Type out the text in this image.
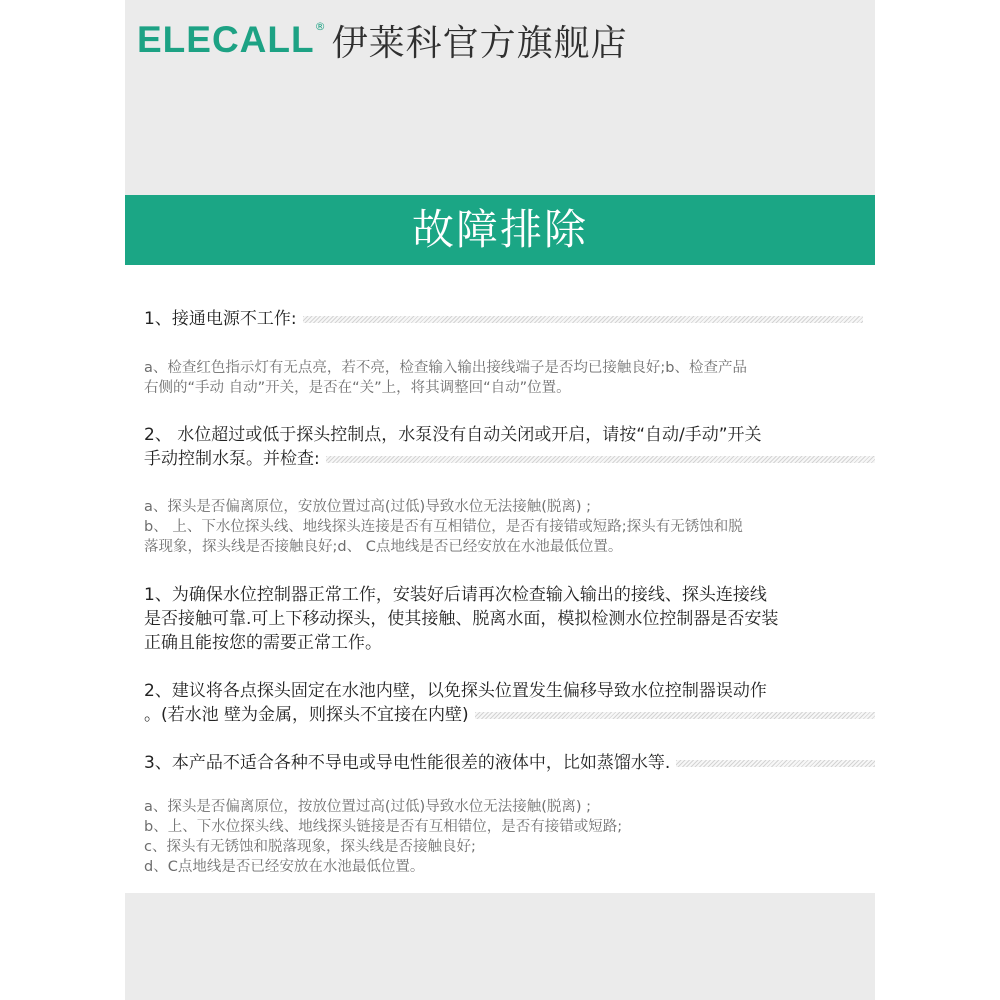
ELECALL ® 伊莱科官方旗舰店
故障排除
1、接通电源不工作:
a、检查红色指示灯有无点亮，若不亮，检查输入输出接线端子是否均已接触良好;b、检查产品
右侧的“手动 自动”开关，是否在“关”上，将其调整回“自动”位置。
2、 水位超过或低于探头控制点，水泵没有自动关闭或开启，请按“自动/手动”开关
手动控制水泵。并检查:
a、探头是否偏离原位，安放位置过高(过低)导致水位无法接触(脱离) ;
b、 上、下水位探头线、地线探头连接是否有互相错位，是否有接错或短路;探头有无锈蚀和脱
落现象，探头线是否接触良好;d、 C点地线是否已经安放在水池最低位置。
1、为确保水位控制器正常工作，安装好后请再次检查输入输出的接线、探头连接线
是否接触可靠.可上下移动探头，使其接触、脱离水面，模拟检测水位控制器是否安装
正确且能按您的需要正常工作。
2、建议将各点探头固定在水池内壁，以免探头位置发生偏移导致水位控制器误动作
。(若水池 壁为金属，则探头不宜接在内壁)
3、本产品不适合各种不导电或导电性能很差的液体中，比如蒸馏水等.
a、探头是否偏离原位，按放位置过高(过低)导致水位无法接触(脱离) ;
b、上、下水位探头线、地线探头链接是否有互相错位，是否有接错或短路;
c、探头有无锈蚀和脱落现象，探头线是否接触良好;
d、C点地线是否已经安放在水池最低位置。
